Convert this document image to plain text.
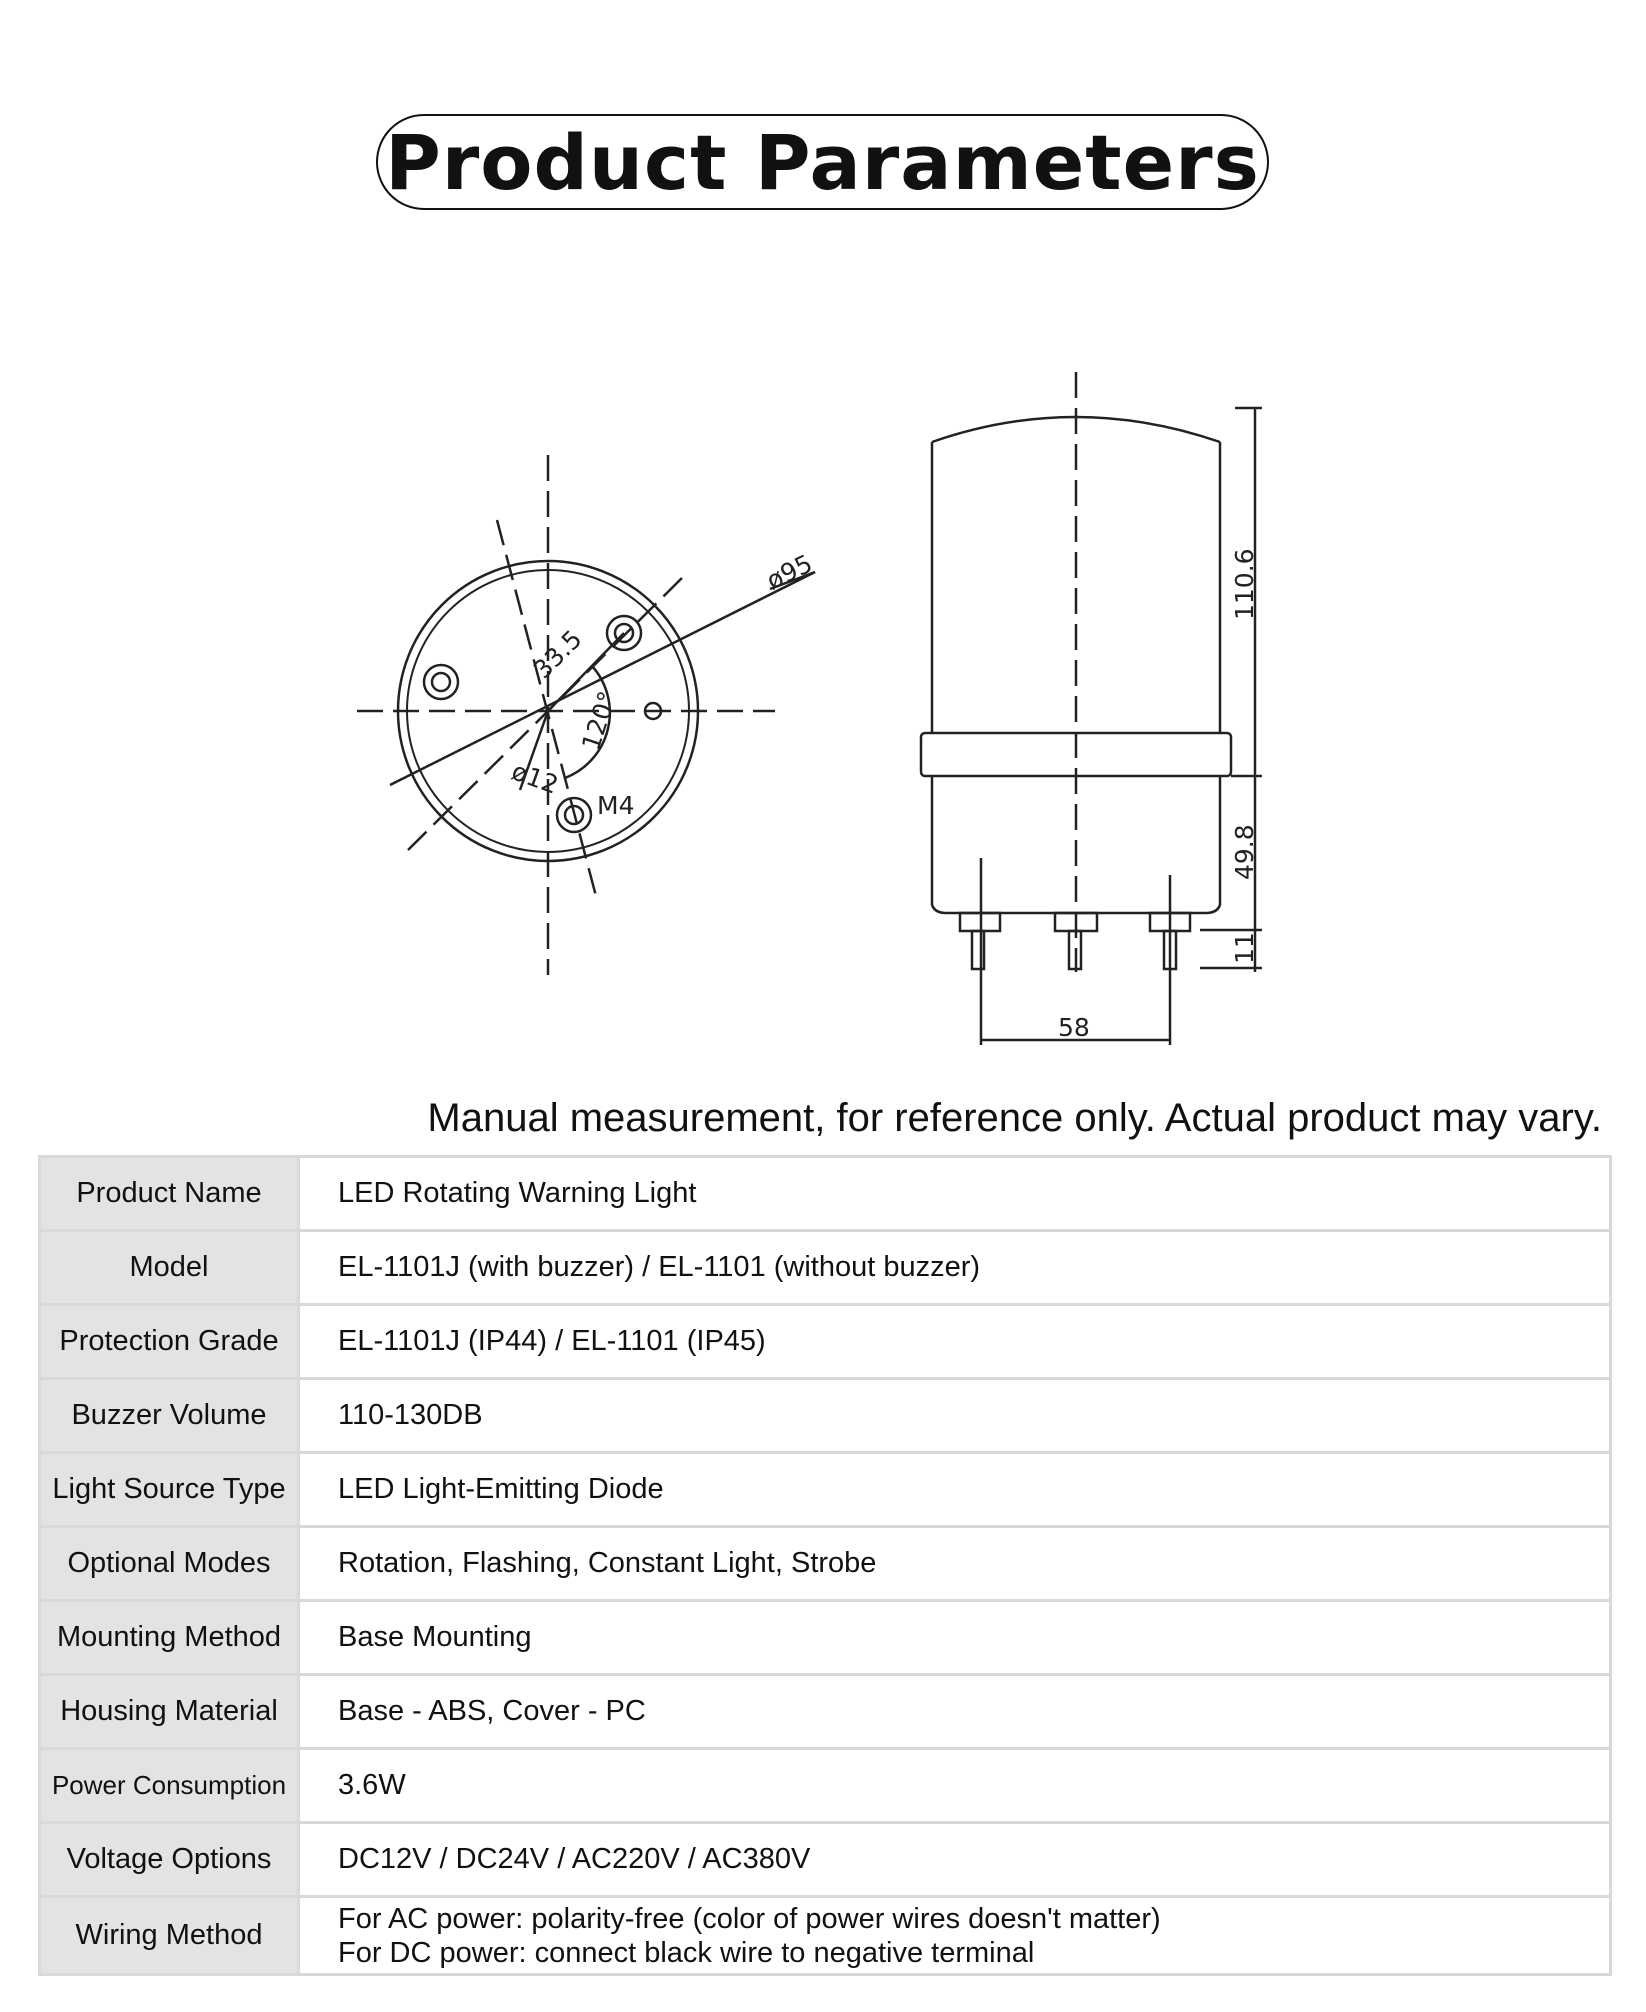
Product Parameters
ø95
33.5
120°
ø12
M4
110.6
49.8
11
58
Manual measurement, for reference only. Actual product may vary.
Product Name	LED Rotating Warning Light
Model	EL-1101J (with buzzer) / EL-1101 (without buzzer)
Protection Grade	EL-1101J (IP44) / EL-1101 (IP45)
Buzzer Volume	110-130DB
Light Source Type	LED Light-Emitting Diode
Optional Modes	Rotation, Flashing, Constant Light, Strobe
Mounting Method	Base Mounting
Housing Material	Base - ABS, Cover - PC
Power Consumption	3.6W
Voltage Options	DC12V / DC24V / AC220V / AC380V
Wiring Method	For AC power: polarity-free (color of power wires doesn't matter)
For DC power: connect black wire to negative terminal
